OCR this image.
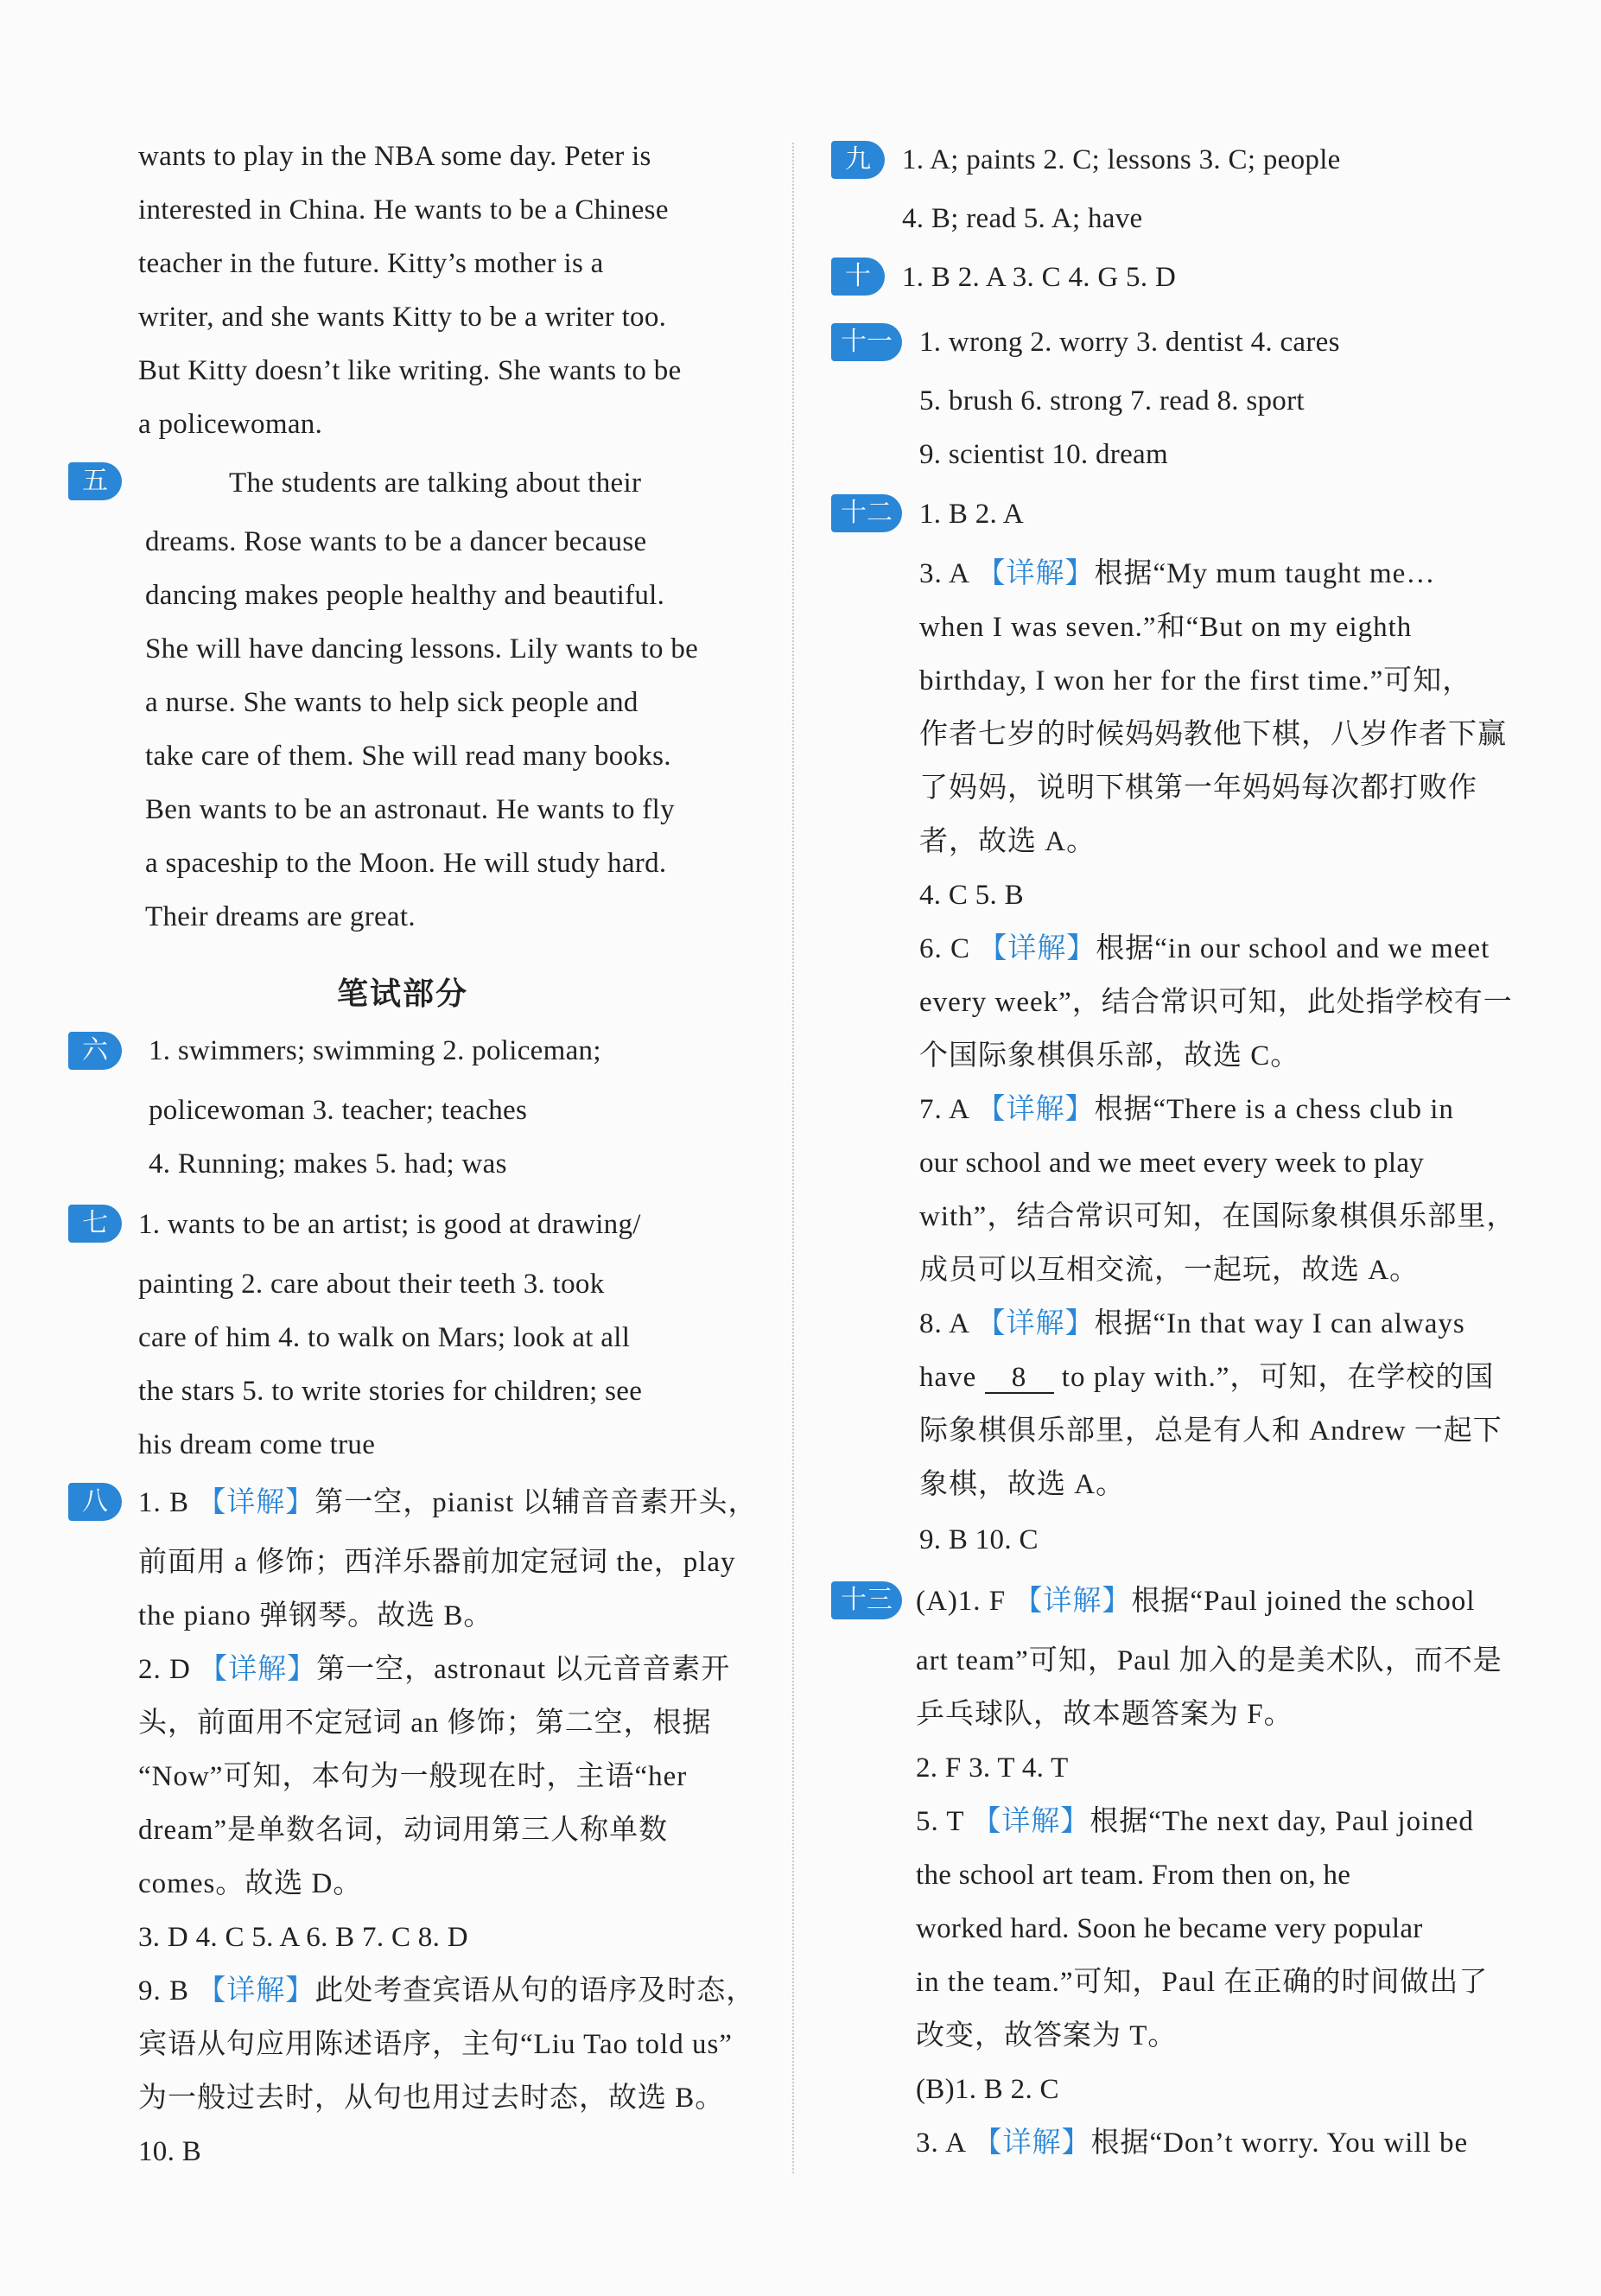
wants to play in the NBA some day. Peter is
interested in China. He wants to be a Chinese
teacher in the future. Kitty’s mother is a
writer, and she wants Kitty to be a writer too.
But Kitty doesn’t like writing. She wants to be
a policewoman.
五	The students are talking about their
dreams. Rose wants to be a dancer because
dancing makes people healthy and beautiful.
She will have dancing lessons. Lily wants to be
a nurse. She wants to help sick people and
take care of them. She will read many books.
Ben wants to be an astronaut. He wants to fly
a spaceship to the Moon. He will study hard.
Their dreams are great.
笔试部分
六	1. swimmers; swimming 2. policeman;
policewoman 3. teacher; teaches
4. Running; makes 5. had; was
七	1. wants to be an artist; is good at drawing/
painting 2. care about their teeth 3. took
care of him 4. to walk on Mars; look at all
the stars 5. to write stories for children; see
his dream come true
八	1. B 【详解】第一空，pianist 以辅音音素开头，
前面用 a 修饰；西洋乐器前加定冠词 the，play
the piano 弹钢琴。故选 B。
2. D 【详解】第一空，astronaut 以元音音素开
头，前面用不定冠词 an 修饰；第二空，根据
“Now”可知，本句为一般现在时，主语“her
dream”是单数名词，动词用第三人称单数
comes。故选 D。
3. D 4. C 5. A 6. B 7. C 8. D
9. B 【详解】此处考查宾语从句的语序及时态，
宾语从句应用陈述语序，主句“Liu Tao told us”
为一般过去时，从句也用过去时态，故选 B。
10. B
九	1. A; paints 2. C; lessons 3. C; people
4. B; read 5. A; have
十	1. B 2. A 3. C 4. G 5. D
十一 1. wrong 2. worry 3. dentist 4. cares
5. brush 6. strong 7. read 8. sport
9. scientist 10. dream
十二 1. B 2. A
3. A 【详解】根据“My mum taught me…
when I was seven.”和“But on my eighth
birthday, I won her for the first time.”可知，
作者七岁的时候妈妈教他下棋，八岁作者下赢
了妈妈，说明下棋第一年妈妈每次都打败作
者，故选 A。
4. C 5. B
6. C 【详解】根据“in our school and we meet
every week”，结合常识可知，此处指学校有一
个国际象棋俱乐部，故选 C。
7. A 【详解】根据“There is a chess club in
our school and we meet every week to play
with”，结合常识可知，在国际象棋俱乐部里，
成员可以互相交流，一起玩，故选 A。
8. A 【详解】根据“In that way I can always
have 8 to play with.”，可知，在学校的国
际象棋俱乐部里，总是有人和 Andrew 一起下
象棋，故选 A。
9. B 10. C
十三 (A)1. F 【详解】根据“Paul joined the school
art team”可知，Paul 加入的是美术队，而不是
乒乓球队，故本题答案为 F。
2. F 3. T 4. T
5. T 【详解】根据“The next day, Paul joined
the school art team. From then on, he
worked hard. Soon he became very popular
in the team.”可知，Paul 在正确的时间做出了
改变，故答案为 T。
(B)1. B 2. C
3. A 【详解】根据“Don’t worry. You will be
